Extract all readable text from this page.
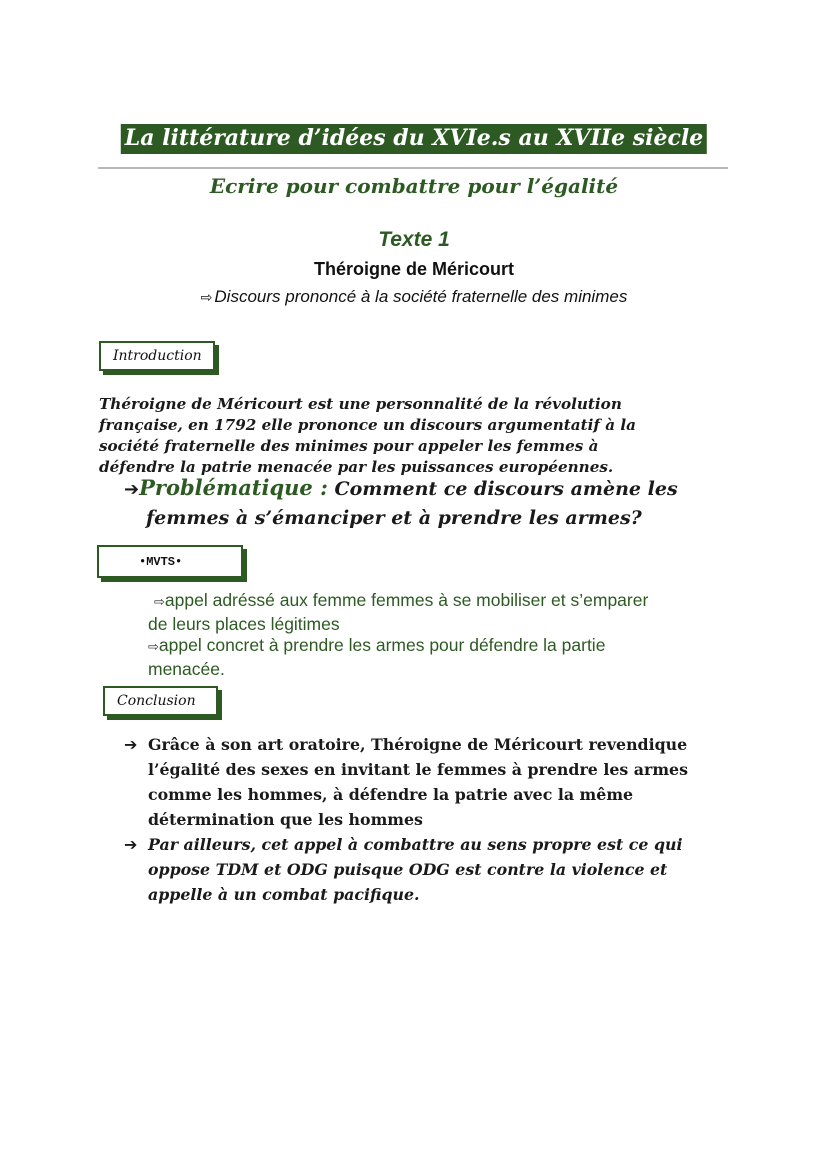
La littérature d’idées du XVIe.s au XVIIe siècle
Ecrire pour combattre pour l’égalité
Texte 1
Théroigne de Méricourt
⇨ Discours prononcé à la société fraternelle des minimes
Introduction
Théroigne de Méricourt est une personnalité de la révolution
française, en 1792 elle prononce un discours argumentatif à la
société fraternelle des minimes pour appeler les femmes à
défendre la patrie menacée par les puissances européennes.
➔Problématique : Comment ce discours amène les
femmes à s’émanciper et à prendre les armes?
•MVTS•
⇨appel adréssé aux femme femmes à se mobiliser et s’emparer
de leurs places légitimes
⇨appel concret à prendre les armes pour défendre la partie
menacée.
Conclusion
➔ Grâce à son art oratoire, Théroigne de Méricourt revendique
l’égalité des sexes en invitant le femmes à prendre les armes
comme les hommes, à défendre la patrie avec la même
détermination que les hommes
➔ Par ailleurs, cet appel à combattre au sens propre est ce qui
oppose TDM et ODG puisque ODG est contre la violence et
appelle à un combat pacifique.
